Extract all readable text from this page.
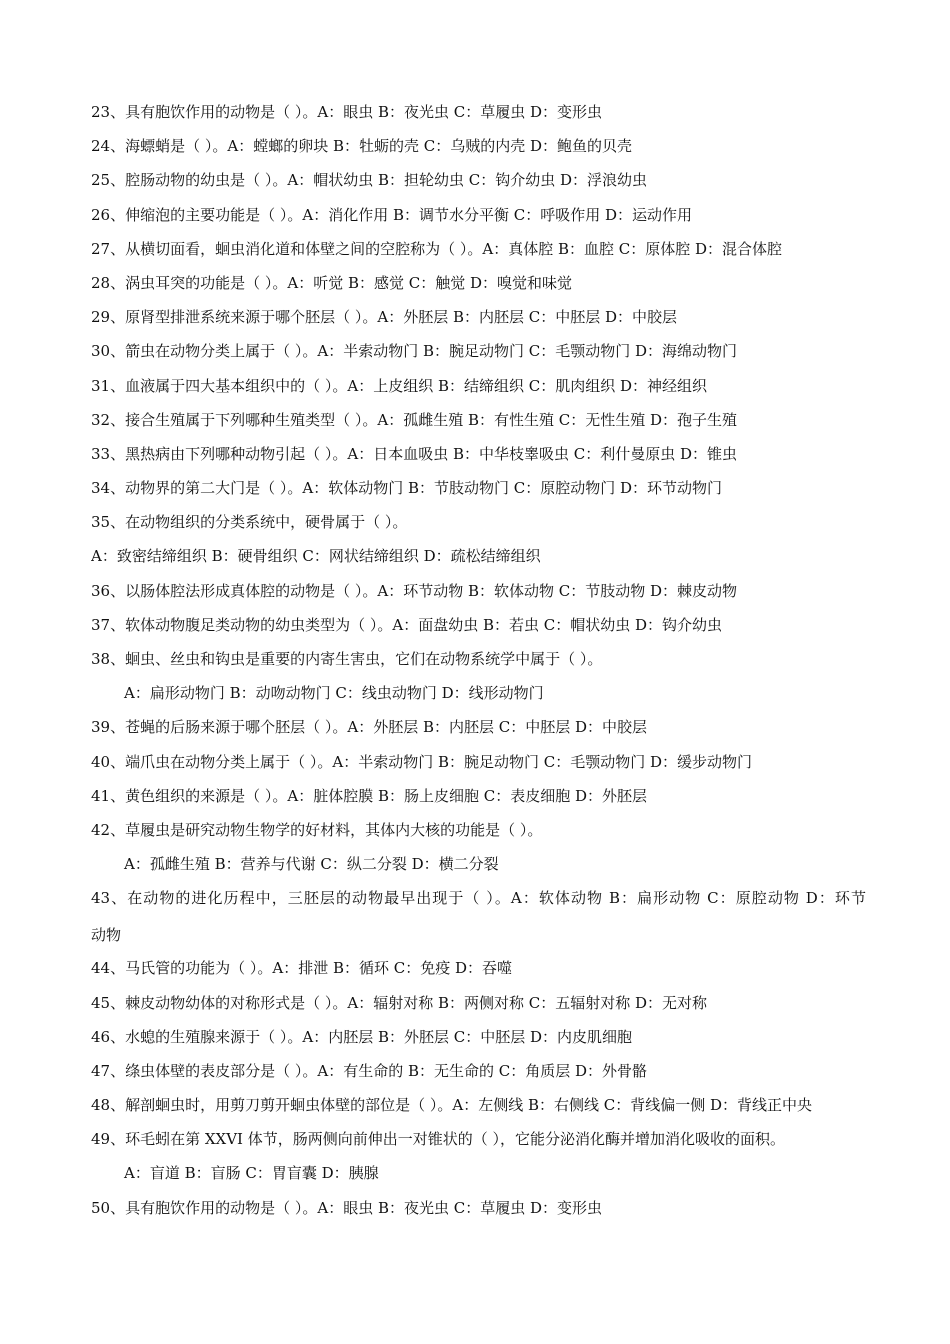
23、具有胞饮作用的动物是（ ）。A：眼虫 B：夜光虫 C：草履虫 D：变形虫
24、海螵蛸是（ ）。A：螳螂的卵块 B：牡蛎的壳 C：乌贼的内壳 D：鲍鱼的贝壳
25、腔肠动物的幼虫是（ ）。A：帽状幼虫 B：担轮幼虫 C：钩介幼虫 D：浮浪幼虫
26、伸缩泡的主要功能是（ ）。A：消化作用 B：调节水分平衡 C：呼吸作用 D：运动作用
27、从横切面看，蛔虫消化道和体壁之间的空腔称为（ ）。A：真体腔 B：血腔 C：原体腔 D：混合体腔
28、涡虫耳突的功能是（ ）。A：听觉 B：感觉 C：触觉 D：嗅觉和味觉
29、原肾型排泄系统来源于哪个胚层（ ）。A：外胚层 B：内胚层 C：中胚层 D：中胶层
30、箭虫在动物分类上属于（ ）。A：半索动物门 B：腕足动物门 C：毛颚动物门 D：海绵动物门
31、血液属于四大基本组织中的（ ）。A：上皮组织 B：结缔组织 C：肌肉组织 D：神经组织
32、接合生殖属于下列哪种生殖类型（ ）。A：孤雌生殖 B：有性生殖 C：无性生殖 D：孢子生殖
33、黑热病由下列哪种动物引起（ ）。A：日本血吸虫 B：中华枝睾吸虫 C：利什曼原虫 D：锥虫
34、动物界的第二大门是（ ）。A：软体动物门 B：节肢动物门 C：原腔动物门 D：环节动物门
35、在动物组织的分类系统中，硬骨属于（ ）。
A：致密结缔组织 B：硬骨组织 C：网状结缔组织 D：疏松结缔组织
36、以肠体腔法形成真体腔的动物是（ ）。A：环节动物 B：软体动物 C：节肢动物 D：棘皮动物
37、软体动物腹足类动物的幼虫类型为（ ）。A：面盘幼虫 B：若虫 C：帽状幼虫 D：钩介幼虫
38、蛔虫、丝虫和钩虫是重要的内寄生害虫，它们在动物系统学中属于（ ）。
A：扁形动物门 B：动吻动物门 C：线虫动物门 D：线形动物门
39、苍蝇的后肠来源于哪个胚层（ ）。A：外胚层 B：内胚层 C：中胚层 D：中胶层
40、端爪虫在动物分类上属于（ ）。A：半索动物门 B：腕足动物门 C：毛颚动物门 D：缓步动物门
41、黄色组织的来源是（ ）。A：脏体腔膜 B：肠上皮细胞 C：表皮细胞 D：外胚层
42、草履虫是研究动物生物学的好材料，其体内大核的功能是（ ）。
A：孤雌生殖 B：营养与代谢 C：纵二分裂 D：横二分裂
43、在动物的进化历程中，三胚层的动物最早出现于（ ）。A：软体动物 B：扁形动物 C：原腔动物 D：环节
动物
44、马氏管的功能为（ ）。A：排泄 B：循环 C：免疫 D：吞噬
45、棘皮动物幼体的对称形式是（ ）。A：辐射对称 B：两侧对称 C：五辐射对称 D：无对称
46、水螅的生殖腺来源于（ ）。A：内胚层 B：外胚层 C：中胚层 D：内皮肌细胞
47、绦虫体壁的表皮部分是（ ）。A：有生命的 B：无生命的 C：角质层 D：外骨骼
48、解剖蛔虫时，用剪刀剪开蛔虫体壁的部位是（ ）。A：左侧线 B：右侧线 C：背线偏一侧 D：背线正中央
49、环毛蚓在第 XXVI 体节，肠两侧向前伸出一对锥状的（ ），它能分泌消化酶并增加消化吸收的面积。
A：盲道 B：盲肠 C：胃盲囊 D：胰腺
50、具有胞饮作用的动物是（ ）。A：眼虫 B：夜光虫 C：草履虫 D：变形虫
